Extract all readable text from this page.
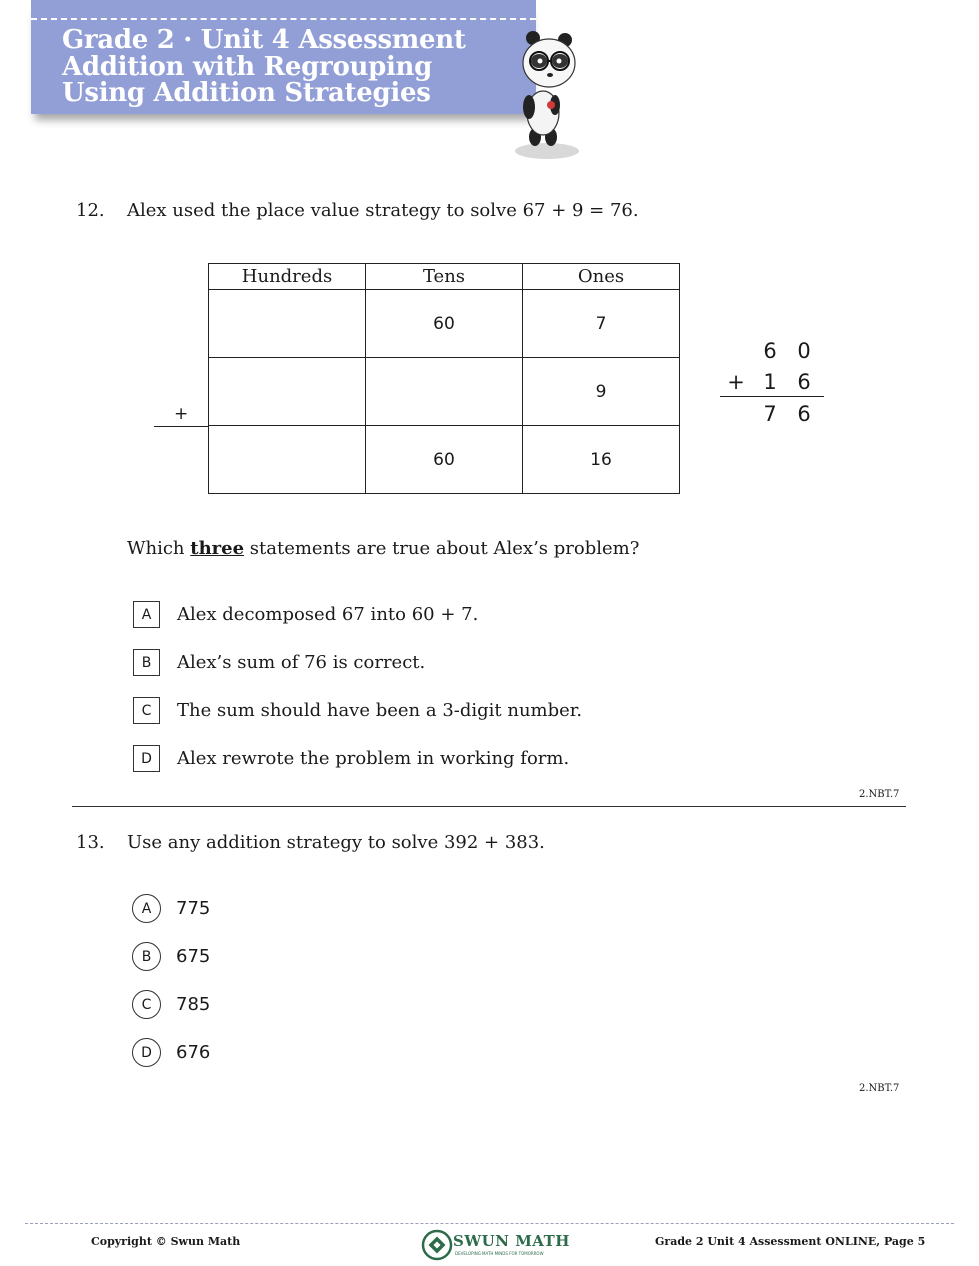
Grade 2 · Unit 4 Assessment
Addition with Regrouping
Using Addition Strategies
12. Alex used the place value strategy to solve 67 + 9 = 76.
Hundreds	Tens	Ones
	60	7
		9
	60	16
+
6 0
+ 1 6
7 6
Which three statements are true about Alex’s problem?
A	Alex decomposed 67 into 60 + 7.
B	Alex’s sum of 76 is correct.
C	The sum should have been a 3-digit number.
D	Alex rewrote the problem in working form.
2.NBT.7
13. Use any addition strategy to solve 392 + 383.
A	775
B	675
C	785
D	676
2.NBT.7
Copyright © Swun Math	SWUN MATH
DEVELOPING MATH MINDS FOR TOMORROW
Grade 2 Unit 4 Assessment ONLINE, Page 5
